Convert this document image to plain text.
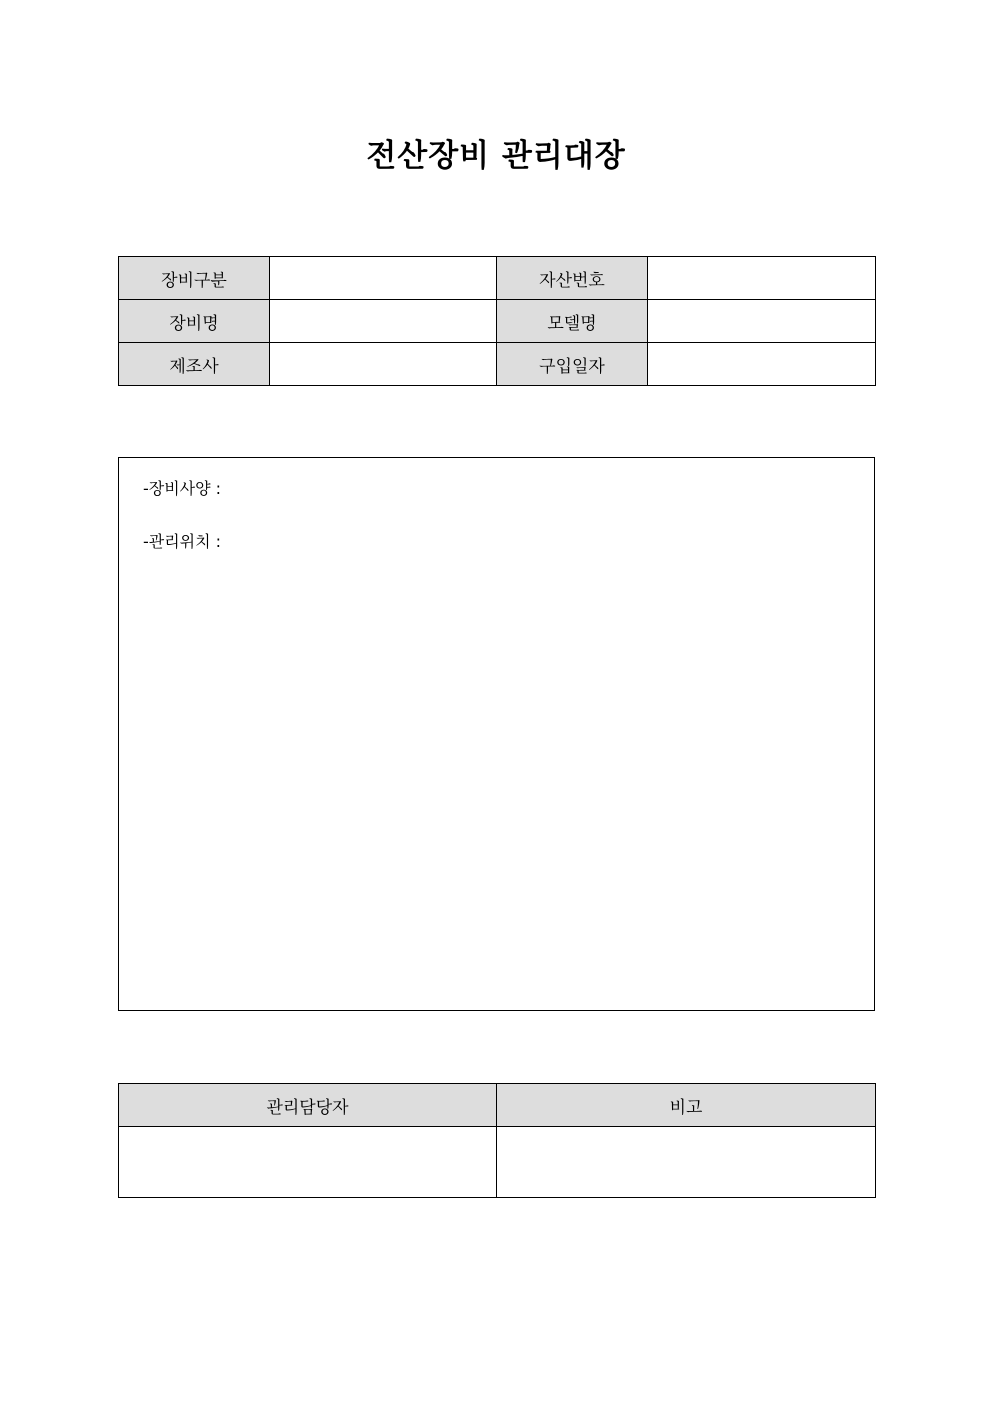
전산장비 관리대장
장비구분		자산번호	
장비명		모델명	
제조사		구입일자	
-장비사양 :
-관리위치 :
관리담당자	비고
